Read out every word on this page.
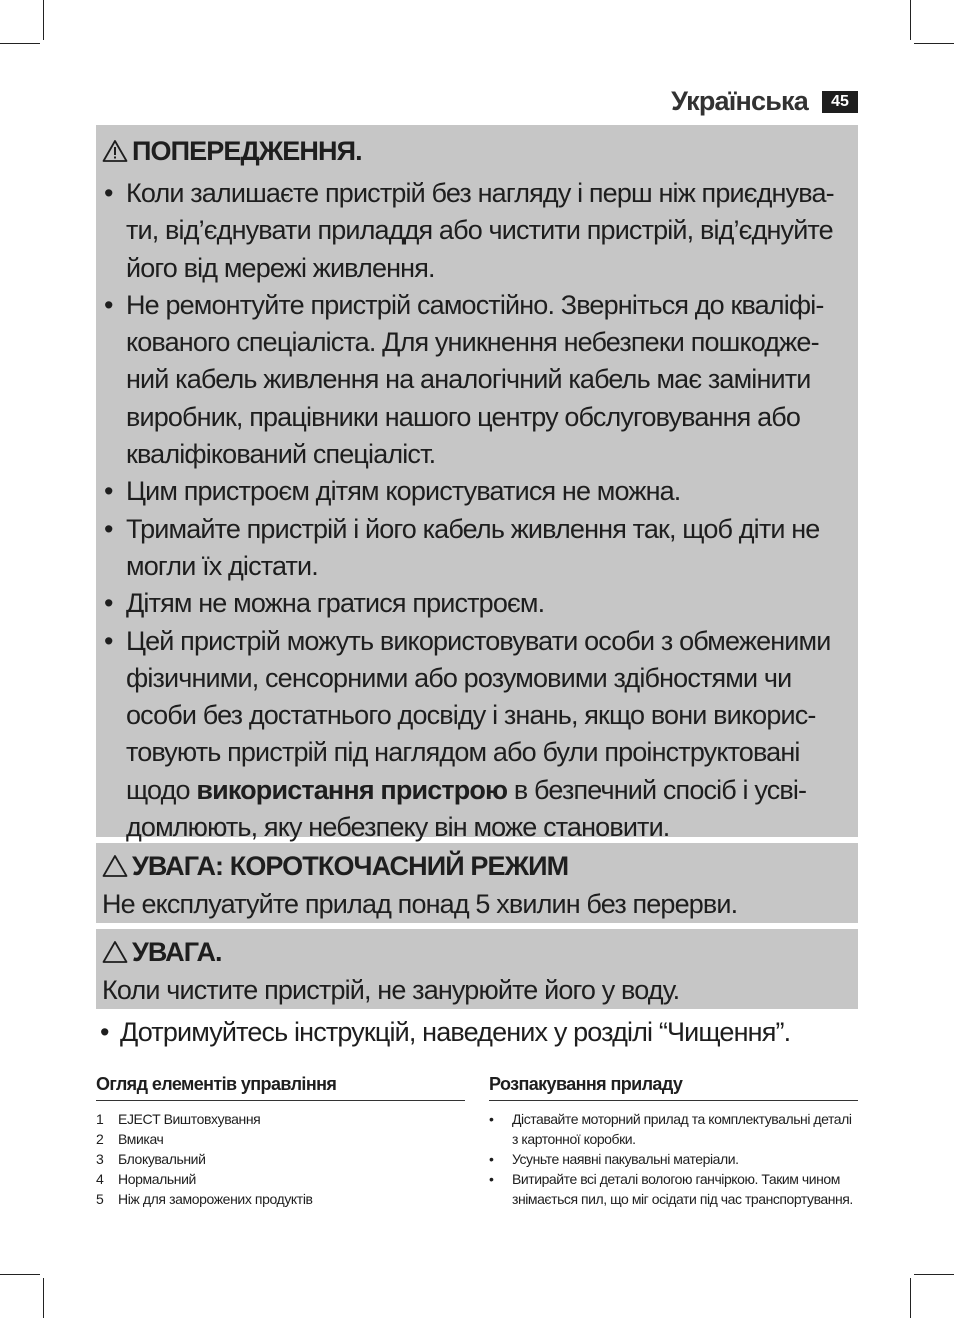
Українська	45
ПОПЕРЕДЖЕННЯ.
• Коли залишаєте пристрій без нагляду і перш ніж приєднувати, від’єднувати приладдя або чистити пристрій, від’єднуйте його від мережі живлення.
• Не ремонтуйте пристрій самостійно. Зверніться до кваліфікованого спеціаліста. Для уникнення небезпеки пошкоджений кабель живлення на аналогічний кабель має замінити виробник, працівники нашого центру обслуговування або кваліфікований спеціаліст.
• Цим пристроєм дітям користуватися не можна.
• Тримайте пристрій і його кабель живлення так, щоб діти не могли їх дістати.
• Дітям не можна гратися пристроєм.
• Цей пристрій можуть використовувати особи з обмеженими фізичними, сенсорними або розумовими здібностями чи особи без достатнього досвіду і знань, якщо вони використовують пристрій під наглядом або були проінструктовані щодо використання пристрою в безпечний спосіб і усвідомлюють, яку небезпеку він може становити.
УВАГА: КОРОТКОЧАСНИЙ РЕЖИМ
Не експлуатуйте прилад понад 5 хвилин без перерви.
УВАГА.
Коли чистите пристрій, не занурюйте його у воду.
• Дотримуйтесь інструкцій, наведених у розділі “Чищення”.
Огляд елементів управління
1	EJECT Виштовхування
2	Вмикач
3	Блокувальний
4	Нормальний
5	Ніж для заморожених продуктів
Розпакування приладу
• Діставайте моторний прилад та комплектувальні деталі з картонної коробки.
• Усуньте наявні пакувальні матеріали.
• Витирайте всі деталі вологою ганчіркою. Таким чином знімається пил, що міг осідати під час транспортування.
